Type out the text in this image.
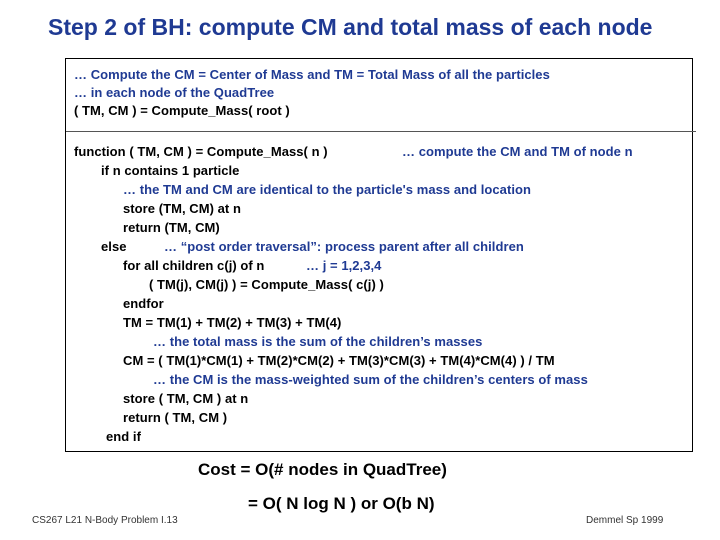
Step 2 of BH: compute CM and total mass of each node
… Compute the CM = Center of Mass and TM = Total Mass of all the particles
… in each node of the QuadTree
( TM, CM ) = Compute_Mass( root )
function ( TM, CM ) = Compute_Mass( n )	… compute the CM and TM of node n
if n contains 1 particle
… the TM and CM are identical to the particle's mass and location
store (TM, CM) at n
return (TM, CM)
else	… “post order traversal”: process parent after all children
for all children c(j) of n	… j = 1,2,3,4
( TM(j), CM(j) ) = Compute_Mass( c(j) )
endfor
TM = TM(1) + TM(2) + TM(3) + TM(4)
… the total mass is the sum of the children’s masses
CM = ( TM(1)*CM(1) + TM(2)*CM(2) + TM(3)*CM(3) + TM(4)*CM(4) ) / TM
… the CM is the mass-weighted sum of the children’s centers of mass
store ( TM, CM ) at n
return ( TM, CM )
end if
Cost = O(# nodes in QuadTree)
= O( N log N ) or O(b N)
CS267 L21 N-Body Problem I.13	Demmel Sp 1999
